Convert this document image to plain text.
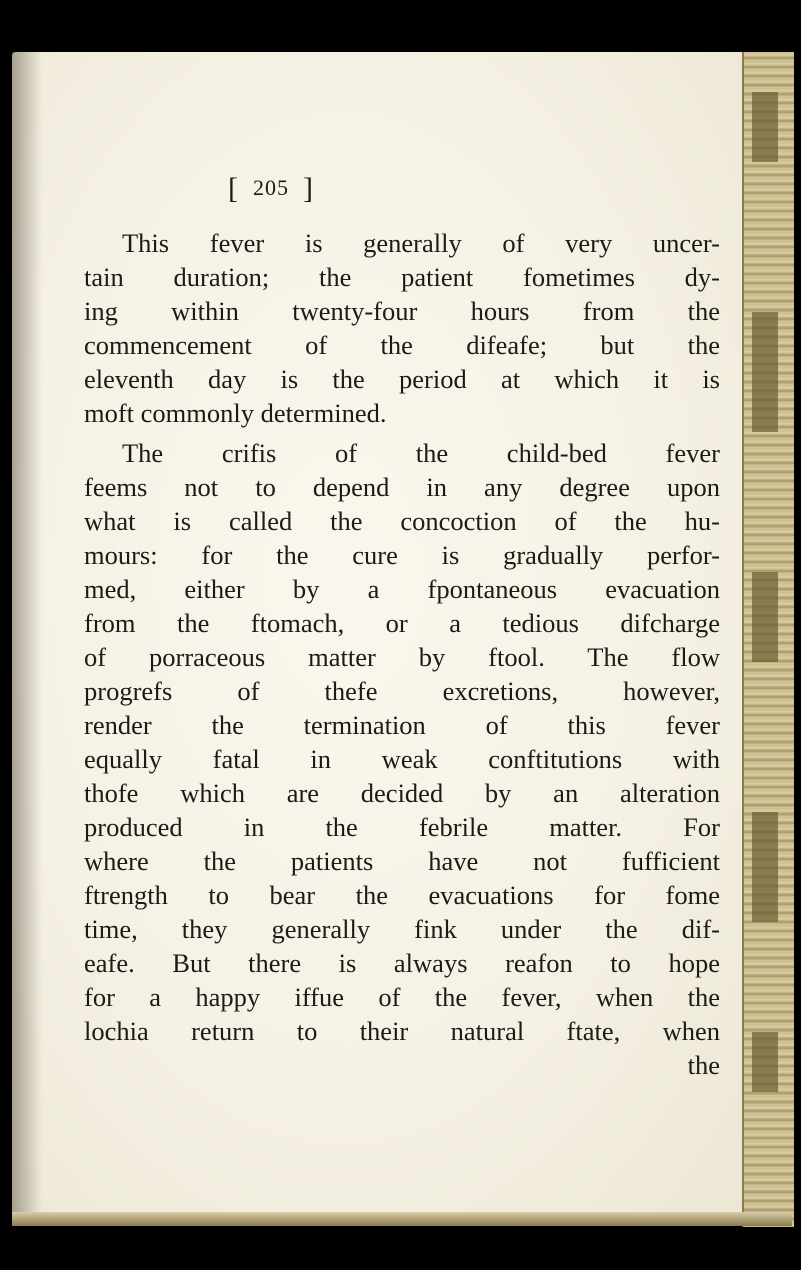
[ 205 ]
This fever is generally of very uncer-
tain duration; the patient fometimes dy-
ing within twenty-four hours from the
commencement of the difeafe; but the
eleventh day is the period at which it is
moft commonly determined.
The crifis of the child-bed fever
feems not to depend in any degree upon
what is called the concoction of the hu-
mours: for the cure is gradually perfor-
med, either by a fpontaneous evacuation
from the ftomach, or a tedious difcharge
of porraceous matter by ftool. The flow
progrefs of thefe excretions, however,
render the termination of this fever
equally fatal in weak conftitutions with
thofe which are decided by an alteration
produced in the febrile matter. For
where the patients have not fufficient
ftrength to bear the evacuations for fome
time, they generally fink under the dif-
eafe. But there is always reafon to hope
for a happy iffue of the fever, when the
lochia return to their natural ftate, when
the
